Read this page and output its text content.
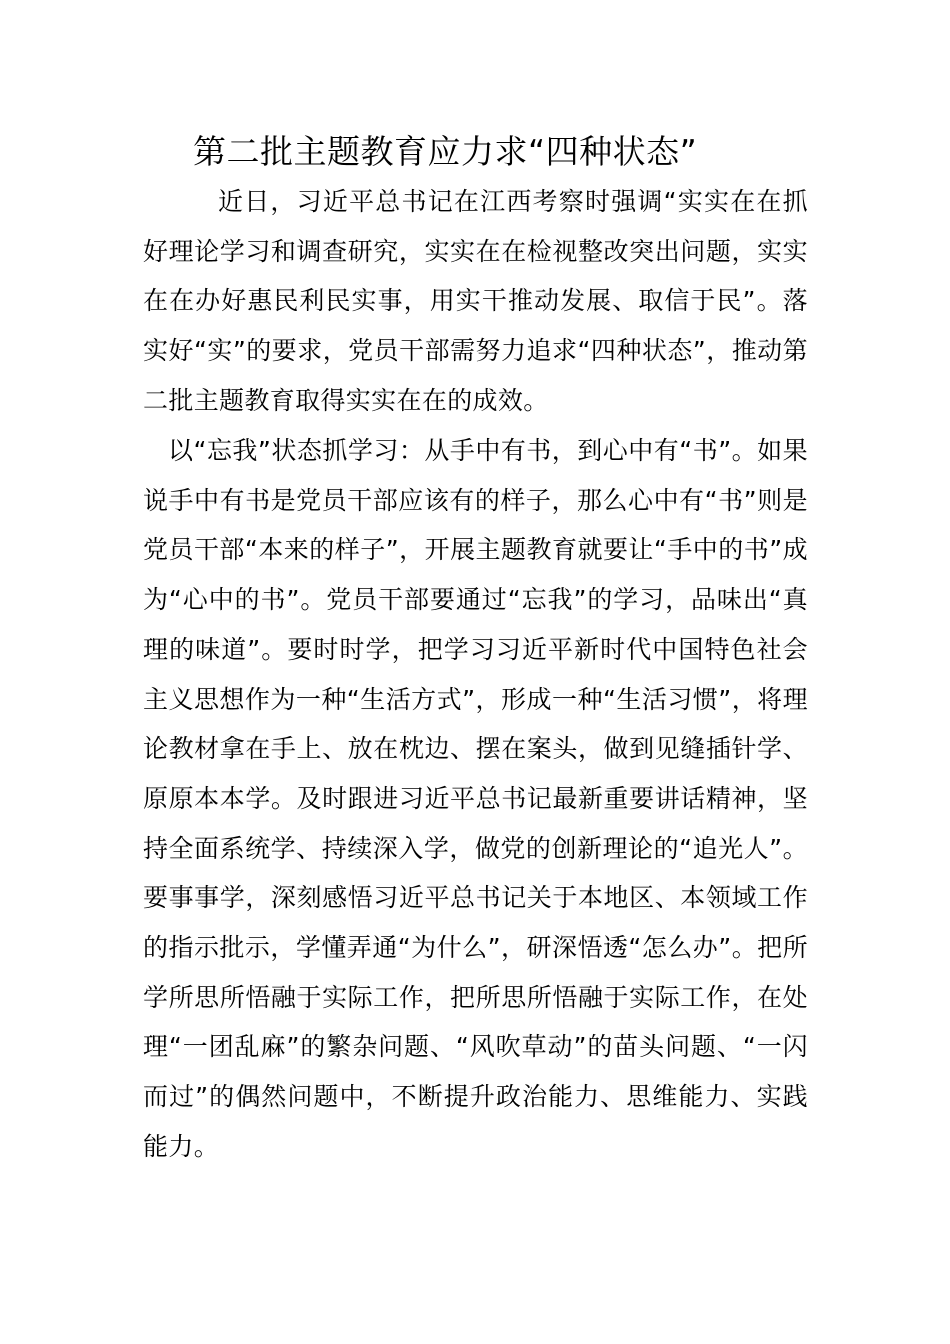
第二批主题教育应力求“四种状态”

近日，习近平总书记在江西考察时强调“实实在在抓好理论学习和调查研究，实实在在检视整改突出问题，实实在在办好惠民利民实事，用实干推动发展、取信于民”。落实好“实”的要求，党员干部需努力追求“四种状态”，推动第二批主题教育取得实实在在的成效。

以“忘我”状态抓学习：从手中有书，到心中有“书”。如果说手中有书是党员干部应该有的样子，那么心中有“书”则是党员干部“本来的样子”，开展主题教育就要让“手中的书”成为“心中的书”。党员干部要通过“忘我”的学习，品味出“真理的味道”。要时时学，把学习习近平新时代中国特色社会主义思想作为一种“生活方式”，形成一种“生活习惯”，将理论教材拿在手上、放在枕边、摆在案头，做到见缝插针学、原原本本学。及时跟进习近平总书记最新重要讲话精神，坚持全面系统学、持续深入学，做党的创新理论的“追光人”。要事事学，深刻感悟习近平总书记关于本地区、本领域工作的指示批示，学懂弄通“为什么”，研深悟透“怎么办”。把所学所思所悟融于实际工作，把所思所悟融于实际工作，在处理“一团乱麻”的繁杂问题、“风吹草动”的苗头问题、“一闪而过”的偶然问题中，不断提升政治能力、思维能力、实践能力。
